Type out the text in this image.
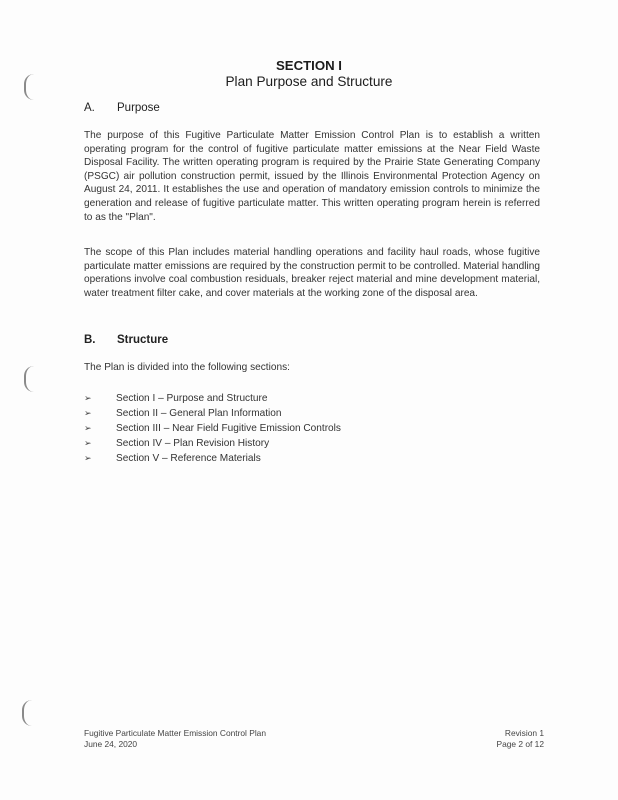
SECTION I
Plan Purpose and Structure
A. Purpose

The purpose of this Fugitive Particulate Matter Emission Control Plan is to establish a written operating program for the control of fugitive particulate matter emissions at the Near Field Waste Disposal Facility. The written operating program is required by the Prairie State Generating Company (PSGC) air pollution construction permit, issued by the Illinois Environmental Protection Agency on August 24, 2011. It establishes the use and operation of mandatory emission controls to minimize the generation and release of fugitive particulate matter. This written operating program herein is referred to as the "Plan".

The scope of this Plan includes material handling operations and facility haul roads, whose fugitive particulate matter emissions are required by the construction permit to be controlled. Material handling operations involve coal combustion residuals, breaker reject material and mine development material, water treatment filter cake, and cover materials at the working zone of the disposal area.

B. Structure

The Plan is divided into the following sections:

➢ Section I – Purpose and Structure
➢ Section II – General Plan Information
➢ Section III – Near Field Fugitive Emission Controls
➢ Section IV – Plan Revision History
➢ Section V – Reference Materials
Fugitive Particulate Matter Emission Control Plan
June 24, 2020
Revision 1
Page 2 of 12
